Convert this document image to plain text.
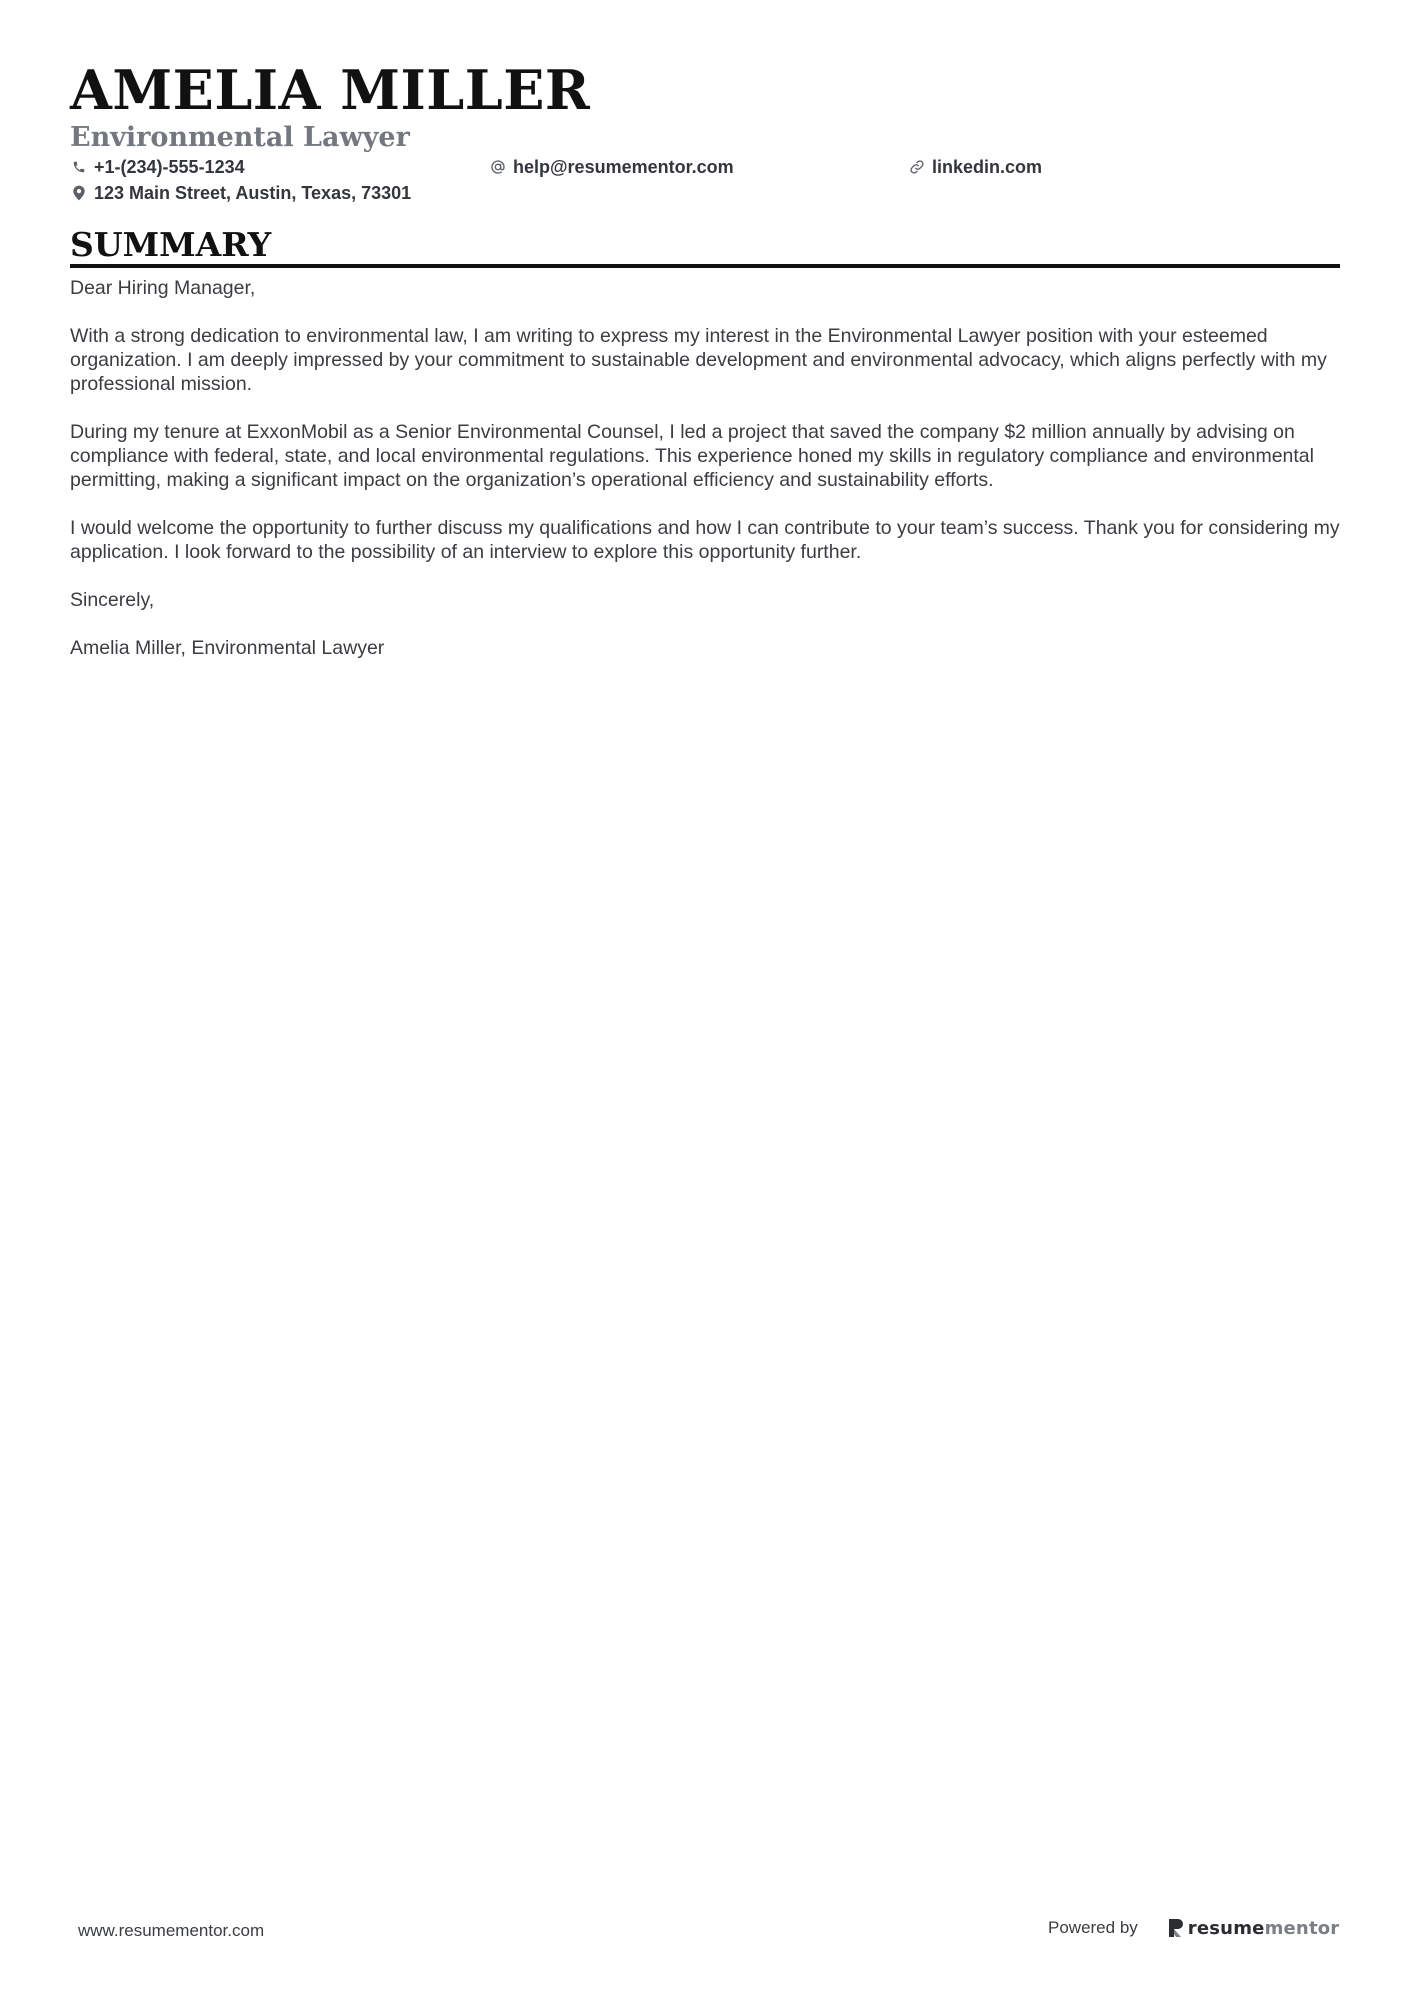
AMELIA MILLER
Environmental Lawyer
+1-(234)-555-1234	help@resumementor.com	linkedin.com
123 Main Street, Austin, Texas, 73301
SUMMARY

Dear Hiring Manager,

With a strong dedication to environmental law, I am writing to express my interest in the Environmental Lawyer position with your esteemed organization. I am deeply impressed by your commitment to sustainable development and environmental advocacy, which aligns perfectly with my professional mission.

During my tenure at ExxonMobil as a Senior Environmental Counsel, I led a project that saved the company $2 million annually by advising on compliance with federal, state, and local environmental regulations. This experience honed my skills in regulatory compliance and environmental permitting, making a significant impact on the organization’s operational efficiency and sustainability efforts.

I would welcome the opportunity to further discuss my qualifications and how I can contribute to your team’s success. Thank you for considering my application. I look forward to the possibility of an interview to explore this opportunity further.

Sincerely,

Amelia Miller, Environmental Lawyer

www.resumementor.com	Powered by	resumementor
